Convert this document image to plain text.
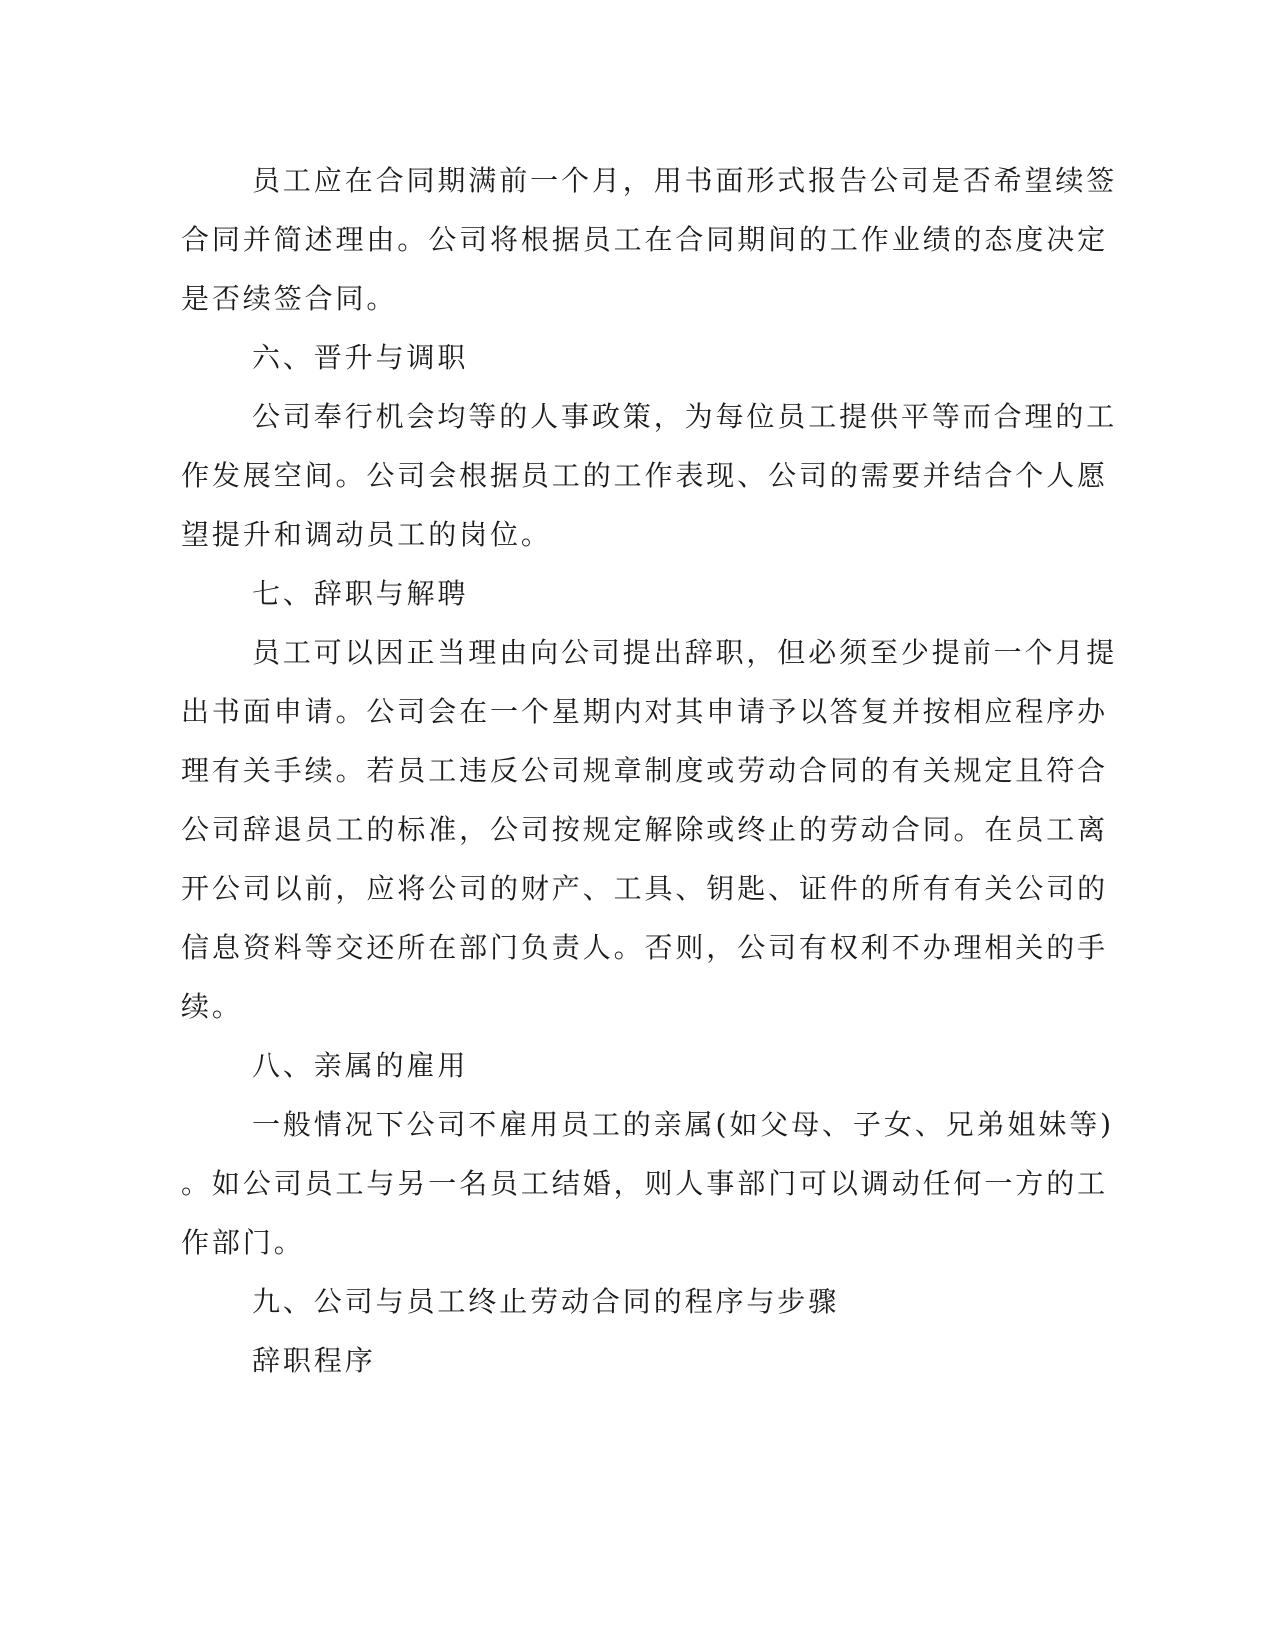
员工应在合同期满前一个月，用书面形式报告公司是否希望续签
合同并简述理由。公司将根据员工在合同期间的工作业绩的态度决定
是否续签合同。
六、晋升与调职
公司奉行机会均等的人事政策，为每位员工提供平等而合理的工
作发展空间。公司会根据员工的工作表现、公司的需要并结合个人愿
望提升和调动员工的岗位。
七、辞职与解聘
员工可以因正当理由向公司提出辞职，但必须至少提前一个月提
出书面申请。公司会在一个星期内对其申请予以答复并按相应程序办
理有关手续。若员工违反公司规章制度或劳动合同的有关规定且符合
公司辞退员工的标准，公司按规定解除或终止的劳动合同。在员工离
开公司以前，应将公司的财产、工具、钥匙、证件的所有有关公司的
信息资料等交还所在部门负责人。否则，公司有权利不办理相关的手
续。
八、亲属的雇用
一般情况下公司不雇用员工的亲属(如父母、子女、兄弟姐妹等)
。如公司员工与另一名员工结婚，则人事部门可以调动任何一方的工
作部门。
九、公司与员工终止劳动合同的程序与步骤
辞职程序
